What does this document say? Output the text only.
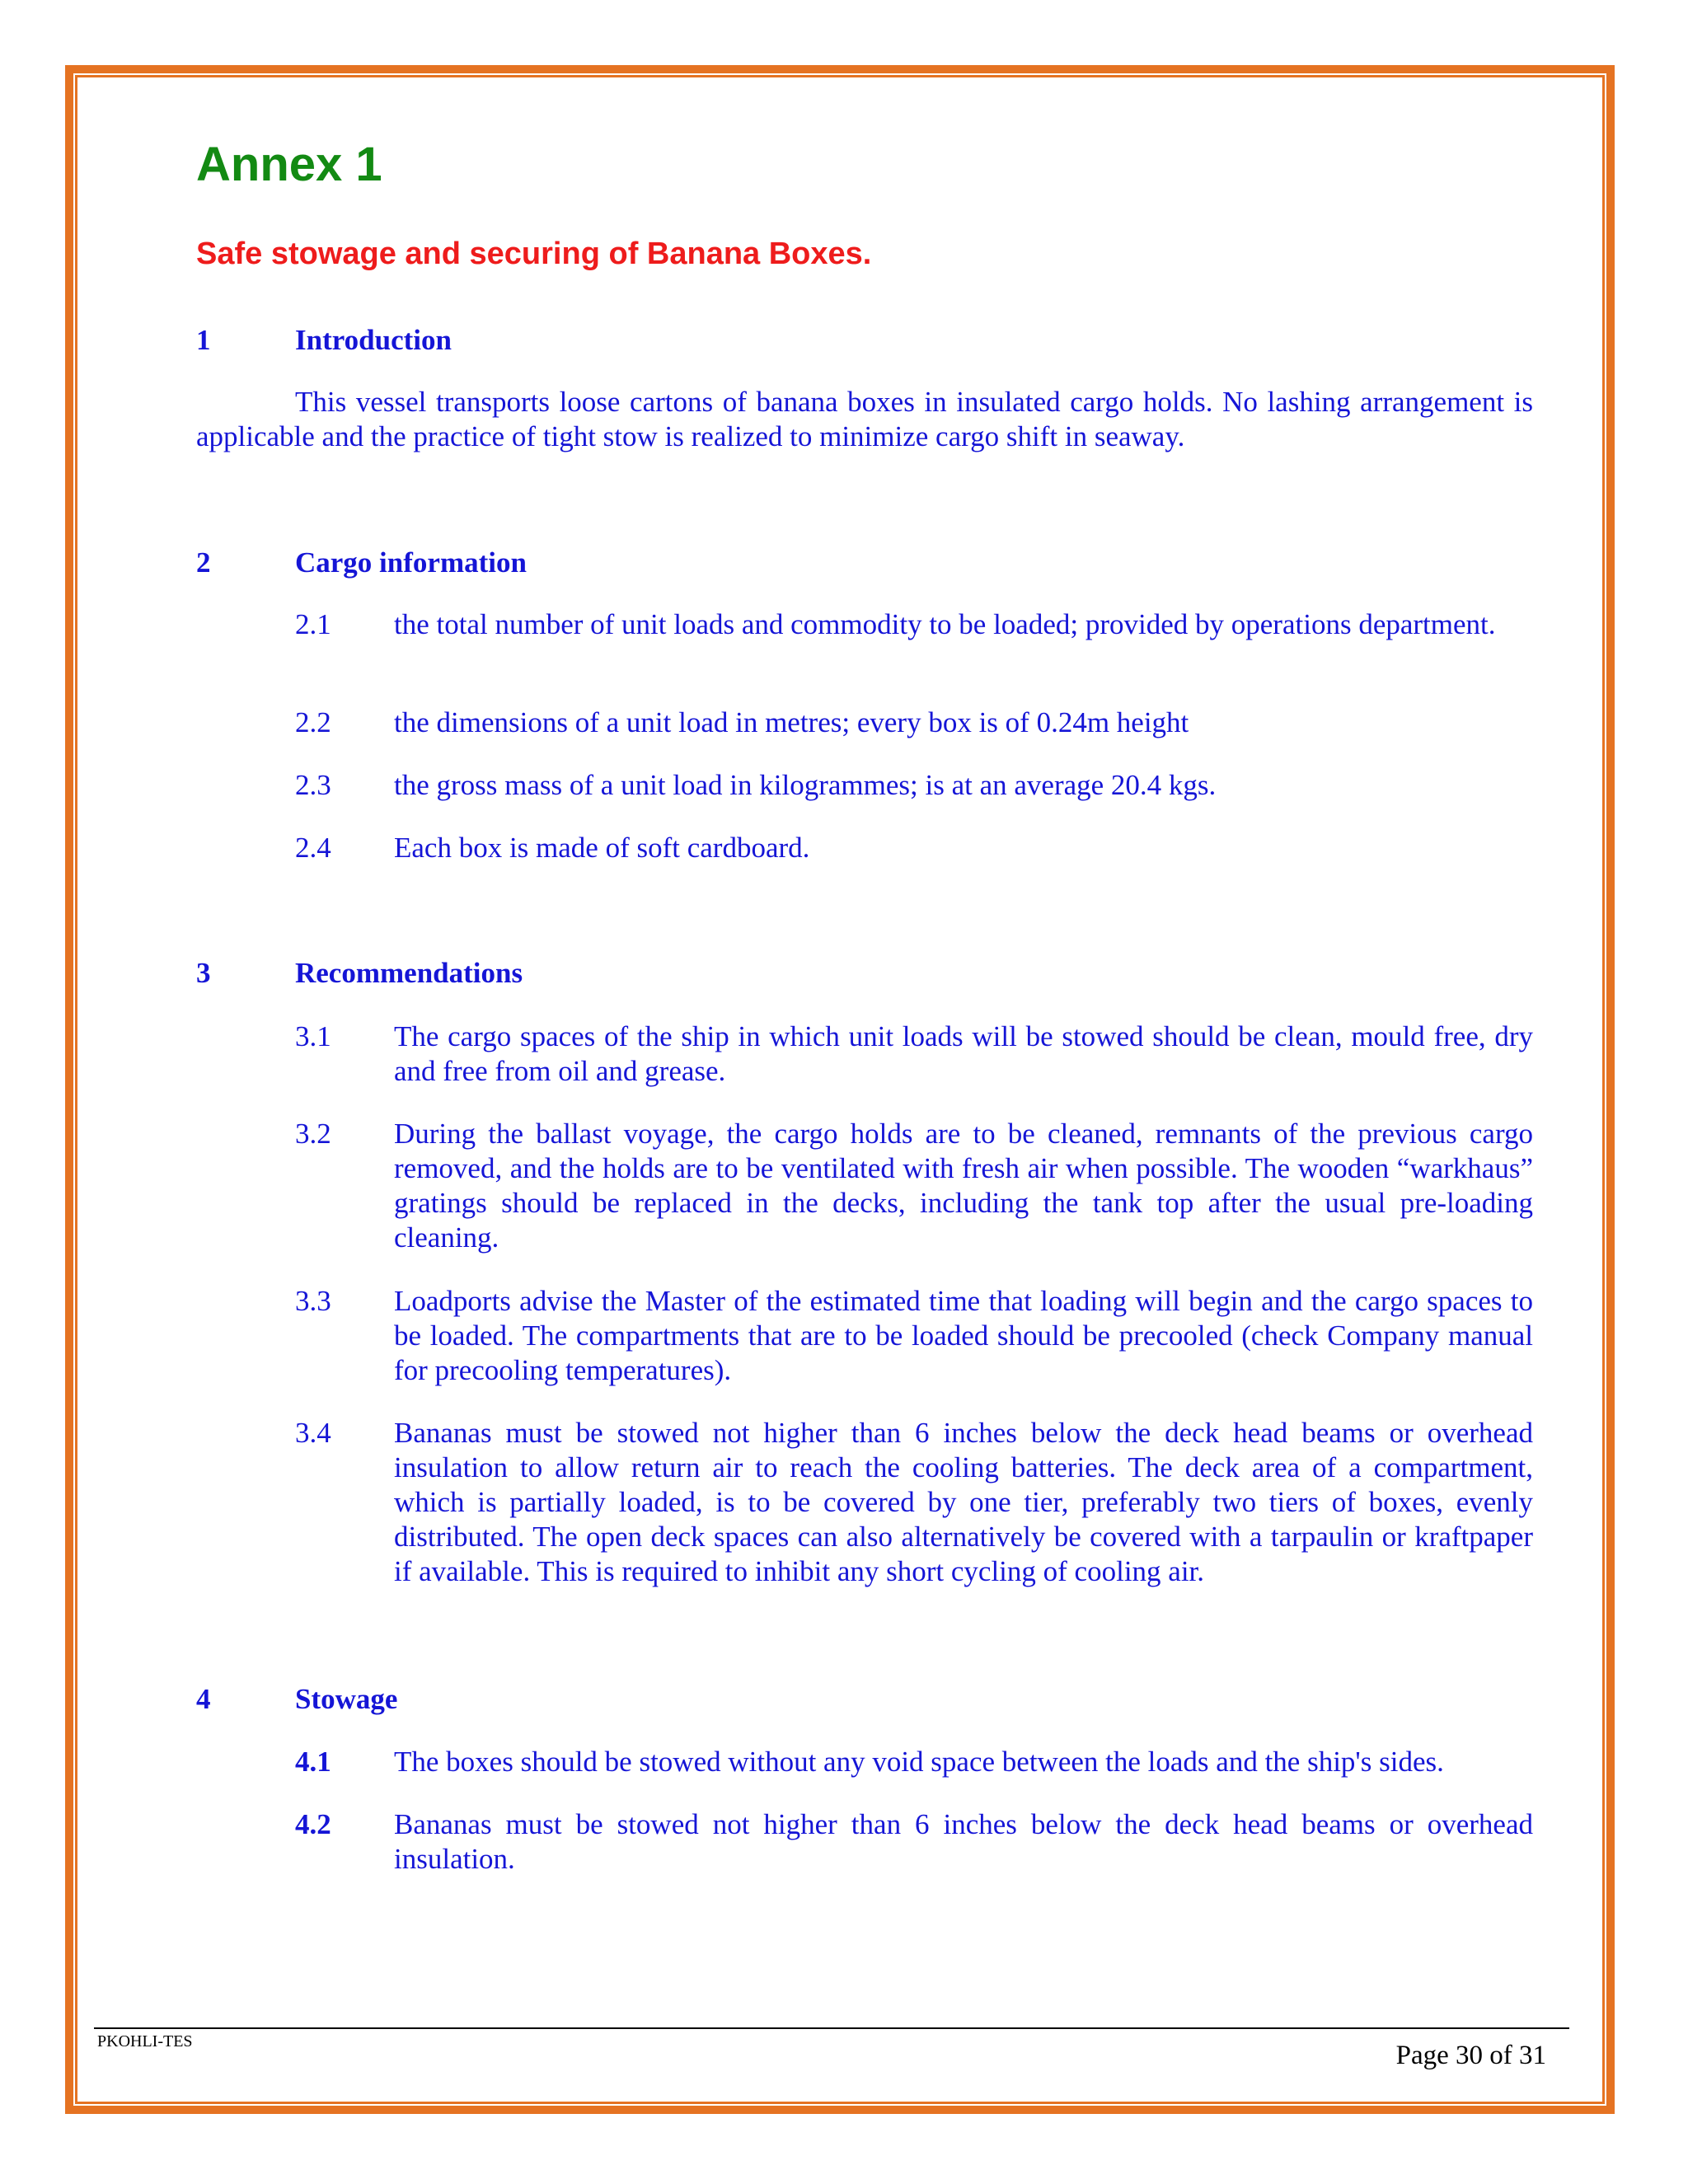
Annex 1
Safe stowage and securing of Banana Boxes.
1	Introduction

This vessel transports loose cartons of banana boxes in insulated cargo holds. No lashing arrangement is applicable and the practice of tight stow is realized to minimize cargo shift in seaway.

2	Cargo information
2.1 the total number of unit loads and commodity to be loaded; provided by operations department.
2.2 the dimensions of a unit load in metres; every box is of 0.24m height
2.3 the gross mass of a unit load in kilogrammes; is at an average 20.4 kgs.
2.4 Each box is made of soft cardboard.
3	Recommendations
3.1 The cargo spaces of the ship in which unit loads will be stowed should be clean, mould free, dry and free from oil and grease.
3.2 During the ballast voyage, the cargo holds are to be cleaned, remnants of the previous cargo removed, and the holds are to be ventilated with fresh air when possible. The wooden “warkhaus” gratings should be replaced in the decks, including the tank top after the usual pre-loading cleaning.
3.3 Loadports advise the Master of the estimated time that loading will begin and the cargo spaces to be loaded. The compartments that are to be loaded should be precooled (check Company manual for precooling temperatures).
3.4 Bananas must be stowed not higher than 6 inches below the deck head beams or overhead insulation to allow return air to reach the cooling batteries. The deck area of a compartment, which is partially loaded, is to be covered by one tier, preferably two tiers of boxes, evenly distributed. The open deck spaces can also alternatively be covered with a tarpaulin or kraftpaper if available. This is required to inhibit any short cycling of cooling air.
4	Stowage
4.1 The boxes should be stowed without any void space between the loads and the ship's sides.
4.2 Bananas must be stowed not higher than 6 inches below the deck head beams or overhead insulation.
PKOHLI-TES	Page 30 of 31
